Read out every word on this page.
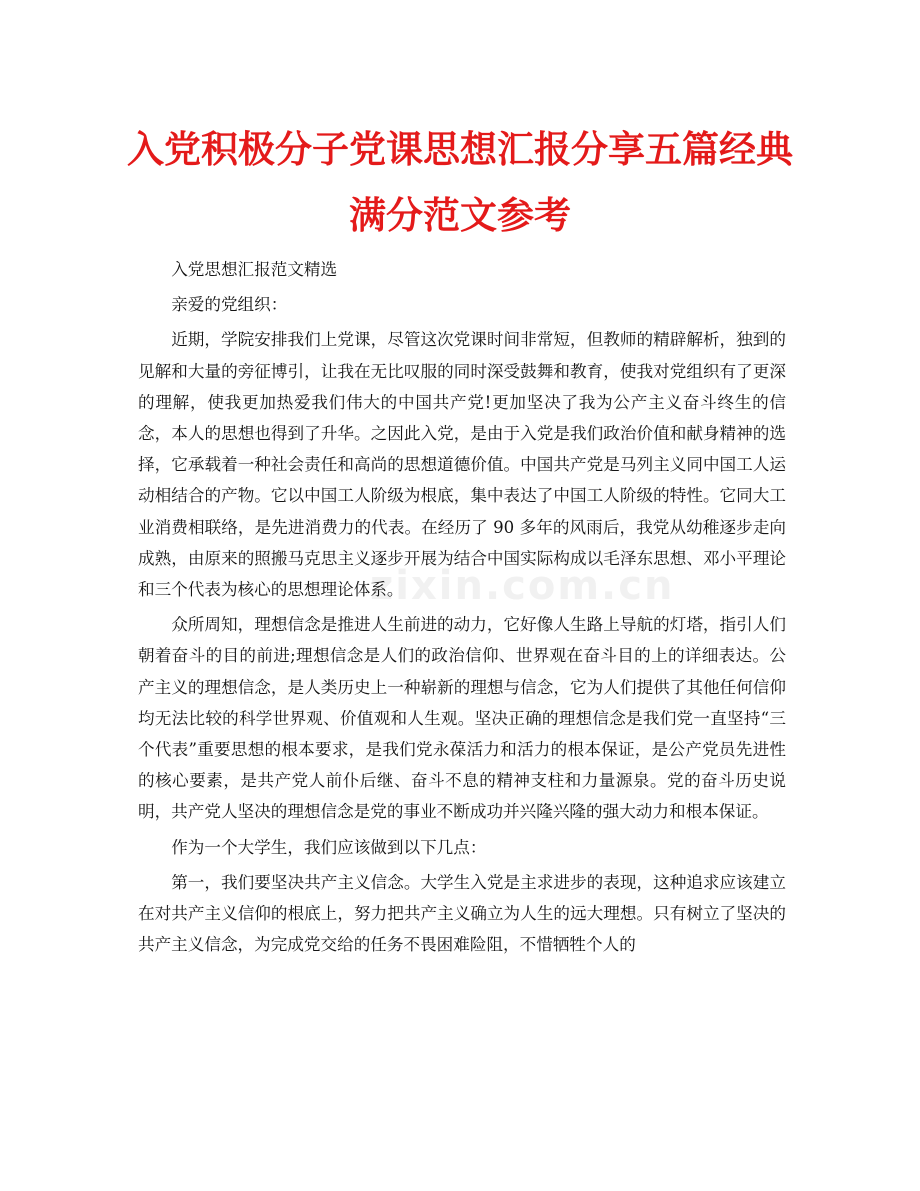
入党积极分子党课思想汇报分享五篇经典
满分范文参考
zixin.com.cn

入党思想汇报范文精选

亲爱的党组织：

近期，学院安排我们上党课，尽管这次党课时间非常短，但教师的精辟解析，独到的见解和大量的旁征博引，让我在无比叹服的同时深受鼓舞和教育，使我对党组织有了更深的理解，使我更加热爱我们伟大的中国共产党!更加坚决了我为公产主义奋斗终生的信念，本人的思想也得到了升华。之因此入党，是由于入党是我们政治价值和献身精神的选择，它承载着一种社会责任和高尚的思想道德价值。中国共产党是马列主义同中国工人运动相结合的产物。它以中国工人阶级为根底，集中表达了中国工人阶级的特性。它同大工业消费相联络，是先进消费力的代表。在经历了 90 多年的风雨后，我党从幼稚逐步走向成熟，由原来的照搬马克思主义逐步开展为结合中国实际构成以毛泽东思想、邓小平理论和三个代表为核心的思想理论体系。

众所周知，理想信念是推进人生前进的动力，它好像人生路上导航的灯塔，指引人们朝着奋斗的目的前进;理想信念是人们的政治信仰、世界观在奋斗目的上的详细表达。公产主义的理想信念，是人类历史上一种崭新的理想与信念，它为人们提供了其他任何信仰均无法比较的科学世界观、价值观和人生观。坚决正确的理想信念是我们党一直坚持“三个代表”重要思想的根本要求，是我们党永葆活力和活力的根本保证，是公产党员先进性的核心要素，是共产党人前仆后继、奋斗不息的精神支柱和力量源泉。党的奋斗历史说明，共产党人坚决的理想信念是党的事业不断成功并兴隆兴隆的强大动力和根本保证。

作为一个大学生，我们应该做到以下几点：

第一，我们要坚决共产主义信念。大学生入党是主求进步的表现，这种追求应该建立在对共产主义信仰的根底上，努力把共产主义确立为人生的远大理想。只有树立了坚决的共产主义信念，为完成党交给的任务不畏困难险阻，不惜牺牲个人的
